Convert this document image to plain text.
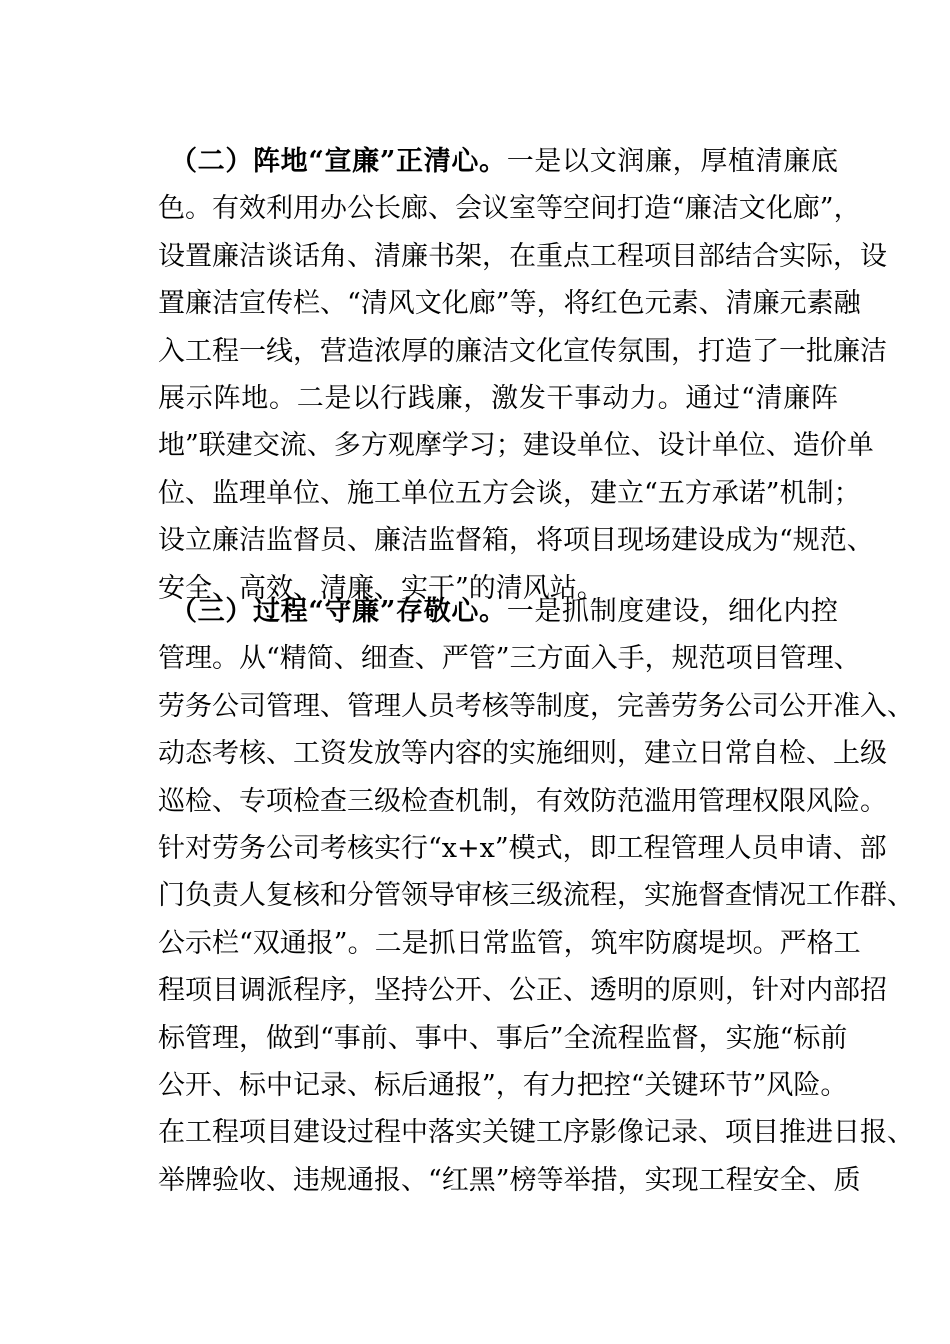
（二）阵地“宣廉”正清心。一是以文润廉，厚植清廉底
色。有效利用办公长廊、会议室等空间打造“廉洁文化廊”，
设置廉洁谈话角、清廉书架，在重点工程项目部结合实际，设
置廉洁宣传栏、“清风文化廊”等，将红色元素、清廉元素融
入工程一线，营造浓厚的廉洁文化宣传氛围，打造了一批廉洁
展示阵地。二是以行践廉，激发干事动力。通过“清廉阵
地”联建交流、多方观摩学习；建设单位、设计单位、造价单
位、监理单位、施工单位五方会谈，建立“五方承诺”机制；
设立廉洁监督员、廉洁监督箱，将项目现场建设成为“规范、
安全、高效、清廉、实干”的清风站。
（三）过程“守廉”存敬心。一是抓制度建设，细化内控
管理。从“精简、细查、严管”三方面入手，规范项目管理、
劳务公司管理、管理人员考核等制度，完善劳务公司公开准入、
动态考核、工资发放等内容的实施细则，建立日常自检、上级
巡检、专项检查三级检查机制，有效防范滥用管理权限风险。
针对劳务公司考核实行“x+x”模式，即工程管理人员申请、部
门负责人复核和分管领导审核三级流程，实施督查情况工作群、
公示栏“双通报”。二是抓日常监管，筑牢防腐堤坝。严格工
程项目调派程序，坚持公开、公正、透明的原则，针对内部招
标管理，做到“事前、事中、事后”全流程监督，实施“标前
公开、标中记录、标后通报”，有力把控“关键环节”风险。
在工程项目建设过程中落实关键工序影像记录、项目推进日报、
举牌验收、违规通报、“红黑”榜等举措，实现工程安全、质
